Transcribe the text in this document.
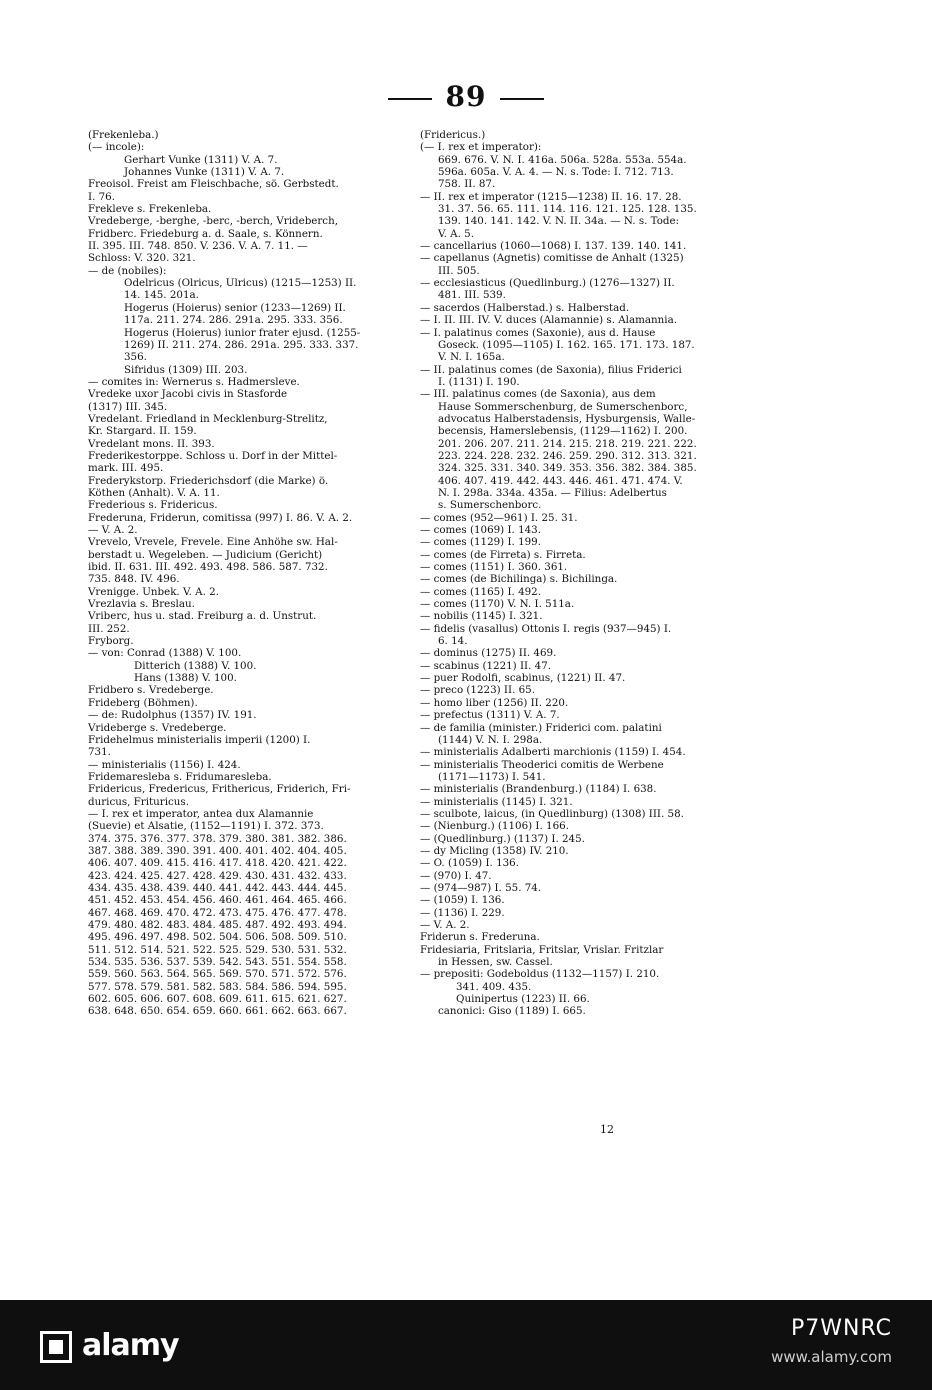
89
(Frekenleba.)
(— incole):
Gerhart Vunke (1311) V. A. 7.
Johannes Vunke (1311) V. A. 7.
Freoisol. Freist am Fleischbache, sö. Gerbstedt.
I. 76.
Frekleve s. Frekenleba.
Vredeberge, -berghe, -berc, -berch, Vrideberch,
Fridberc. Friedeburg a. d. Saale, s. Könnern.
II. 395. III. 748. 850. V. 236. V. A. 7. 11. —
Schloss: V. 320. 321.
— de (nobiles):
Odelricus (Olricus, Ulricus) (1215—1253) II.
14. 145. 201a.
Hogerus (Hoierus) senior (1233—1269) II.
117a. 211. 274. 286. 291a. 295. 333. 356.
Hogerus (Hoierus) iunior frater ejusd. (1255-
1269) II. 211. 274. 286. 291a. 295. 333. 337.
356.
Sifridus (1309) III. 203.
— comites in: Wernerus s. Hadmersleve.
Vredeke uxor Jacobi civis in Stasforde
(1317) III. 345.
Vredelant. Friedland in Mecklenburg-Strelitz,
Kr. Stargard. II. 159.
Vredelant mons. II. 393.
Frederikestorppe. Schloss u. Dorf in der Mittel-
mark. III. 495.
Frederykstorp. Friederichsdorf (die Marke) ö.
Köthen (Anhalt). V. A. 11.
Frederious s. Fridericus.
Frederuna, Friderun, comitissa (997) I. 86. V. A. 2.
— V. A. 2.
Vrevelo, Vrevele, Frevele. Eine Anhöhe sw. Hal-
berstadt u. Wegeleben. — Judicium (Gericht)
ibid. II. 631. III. 492. 493. 498. 586. 587. 732.
735. 848. IV. 496.
Vrenigge. Unbek. V. A. 2.
Vrezlavia s. Breslau.
Vriberc, hus u. stad. Freiburg a. d. Unstrut.
III. 252.
Fryborg.
— von: Conrad (1388) V. 100.
Ditterich (1388) V. 100.
Hans (1388) V. 100.
Fridbero s. Vredeberge.
Frideberg (Böhmen).
— de: Rudolphus (1357) IV. 191.
Vrideberge s. Vredeberge.
Fridehelmus ministerialis imperii (1200) I.
731.
— ministerialis (1156) I. 424.
Fridemaresleba s. Fridumaresleba.
Fridericus, Fredericus, Frithericus, Friderich, Fri-
duricus, Frituricus.
— I. rex et imperator, antea dux Alamannie
(Suevie) et Alsatie, (1152—1191) I. 372. 373.
374. 375. 376. 377. 378. 379. 380. 381. 382. 386.
387. 388. 389. 390. 391. 400. 401. 402. 404. 405.
406. 407. 409. 415. 416. 417. 418. 420. 421. 422.
423. 424. 425. 427. 428. 429. 430. 431. 432. 433.
434. 435. 438. 439. 440. 441. 442. 443. 444. 445.
451. 452. 453. 454. 456. 460. 461. 464. 465. 466.
467. 468. 469. 470. 472. 473. 475. 476. 477. 478.
479. 480. 482. 483. 484. 485. 487. 492. 493. 494.
495. 496. 497. 498. 502. 504. 506. 508. 509. 510.
511. 512. 514. 521. 522. 525. 529. 530. 531. 532.
534. 535. 536. 537. 539. 542. 543. 551. 554. 558.
559. 560. 563. 564. 565. 569. 570. 571. 572. 576.
577. 578. 579. 581. 582. 583. 584. 586. 594. 595.
602. 605. 606. 607. 608. 609. 611. 615. 621. 627.
638. 648. 650. 654. 659. 660. 661. 662. 663. 667.
(Fridericus.)
(— I. rex et imperator):
669. 676. V. N. I. 416a. 506a. 528a. 553a. 554a.
596a. 605a. V. A. 4. — N. s. Tode: I. 712. 713.
758. II. 87.
— II. rex et imperator (1215—1238) II. 16. 17. 28.
31. 37. 56. 65. 111. 114. 116. 121. 125. 128. 135.
139. 140. 141. 142. V. N. II. 34a. — N. s. Tode:
V. A. 5.
— cancellarius (1060—1068) I. 137. 139. 140. 141.
— capellanus (Agnetis) comitisse de Anhalt (1325)
III. 505.
— ecclesiasticus (Quedlinburg.) (1276—1327) II.
481. III. 539.
— sacerdos (Halberstad.) s. Halberstad.
— I. II. III. IV. V. duces (Alamannie) s. Alamannia.
— I. palatinus comes (Saxonie), aus d. Hause
Goseck. (1095—1105) I. 162. 165. 171. 173. 187.
V. N. I. 165a.
— II. palatinus comes (de Saxonia), filius Friderici
I. (1131) I. 190.
— III. palatinus comes (de Saxonia), aus dem
Hause Sommerschenburg, de Sumerschenborc,
advocatus Halberstadensis, Hysburgensis, Walle-
becensis, Hamerslebensis, (1129—1162) I. 200.
201. 206. 207. 211. 214. 215. 218. 219. 221. 222.
223. 224. 228. 232. 246. 259. 290. 312. 313. 321.
324. 325. 331. 340. 349. 353. 356. 382. 384. 385.
406. 407. 419. 442. 443. 446. 461. 471. 474. V.
N. I. 298a. 334a. 435a. — Filius: Adelbertus
s. Sumerschenborc.
— comes (952—961) I. 25. 31.
— comes (1069) I. 143.
— comes (1129) I. 199.
— comes (de Firreta) s. Firreta.
— comes (1151) I. 360. 361.
— comes (de Bichilinga) s. Bichilinga.
— comes (1165) I. 492.
— comes (1170) V. N. I. 511a.
— nobilis (1145) I. 321.
— fidelis (vasallus) Ottonis I. regis (937—945) I.
6. 14.
— dominus (1275) II. 469.
— scabinus (1221) II. 47.
— puer Rodolfi, scabinus, (1221) II. 47.
— preco (1223) II. 65.
— homo liber (1256) II. 220.
— prefectus (1311) V. A. 7.
— de familia (minister.) Friderici com. palatini
(1144) V. N. I. 298a.
— ministerialis Adalberti marchionis (1159) I. 454.
— ministerialis Theoderici comitis de Werbene
(1171—1173) I. 541.
— ministerialis (Brandenburg.) (1184) I. 638.
— ministerialis (1145) I. 321.
— sculbote, laicus, (in Quedlinburg) (1308) III. 58.
— (Nienburg.) (1106) I. 166.
— (Quedlinburg.) (1137) I. 245.
— dy Micling (1358) IV. 210.
— O. (1059) I. 136.
— (970) I. 47.
— (974—987) I. 55. 74.
— (1059) I. 136.
— (1136) I. 229.
— V. A. 2.
Friderun s. Frederuna.
Fridesiaria, Fritslaria, Fritslar, Vrislar. Fritzlar
in Hessen, sw. Cassel.
— prepositi: Godeboldus (1132—1157) I. 210.
341. 409. 435.
Quinipertus (1223) II. 66.
canonici: Giso (1189) I. 665.
12
alamy	P7WNRC
www.alamy.com
